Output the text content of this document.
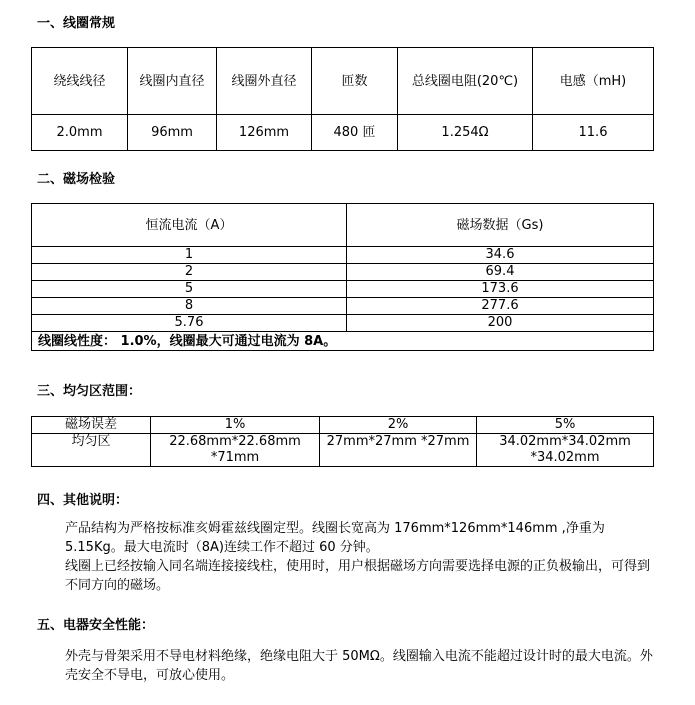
一、线圈常规
绕线线径	线圈内直径	线圈外直径	匝数	总线圈电阻(20℃)	电感（mH)
2.0mm	96mm	126mm	480 匝	1.254Ω	11.6
二、磁场检验
恒流电流（A）	磁场数据（Gs)
1	34.6
2	69.4
5	173.6
8	277.6
5.76	200
线圈线性度： 1.0%，线圈最大可通过电流为 8A。	
三、均匀区范围：
磁场误差	1%	2%	5%
均匀区	22.68mm*22.68mm *71mm	27mm*27mm *27mm	34.02mm*34.02mm *34.02mm
四、其他说明：

产品结构为严格按标准亥姆霍兹线圈定型。线圈长宽高为 176mm*126mm*146mm ,净重为 5.15Kg。最大电流时（8A)连续工作不超过 60 分钟。

线圈上已经按输入同名端连接接线柱，使用时，用户根据磁场方向需要选择电源的正负极输出，可得到不同方向的磁场。

五、电器安全性能：

外壳与骨架采用不导电材料绝缘，绝缘电阻大于 50MΩ。线圈输入电流不能超过设计时的最大电流。外壳安全不导电，可放心使用。
